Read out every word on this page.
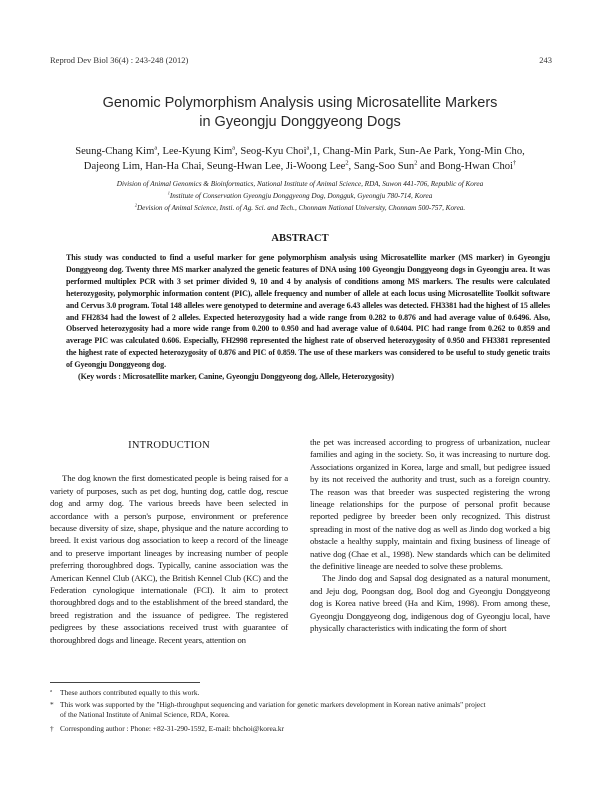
Reprod Dev Biol 36(4) : 243-248 (2012)	243
Genomic Polymorphism Analysis using Microsatellite Markers
in Gyeongju Donggyeong Dogs
Seung-Chang Kim$^a$, Lee-Kyung Kim$^a$, Seog-Kyu Choi$^a$,1, Chang-Min Park, Sun-Ae Park, Yong-Min Cho,
Dajeong Lim, Han-Ha Chai, Seung-Hwan Lee, Ji-Woong Lee$^2$, Sang-Soo Sun$^2$ and Bong-Hwan Choi†
Division of Animal Genomics & Bioinformatics, National Institute of Animal Science, RDA, Suwon 441-706, Republic of Korea
$^1$Institute of Conservation Gyeongju Donggyeong Dog, Dongguk, Gyeongju 780-714, Korea
$^2$Devision of Animal Science, Insti. of Ag. Sci. and Tech., Chonnam National University, Chonnam 500-757, Korea.
ABSTRACT
This study was conducted to find a useful marker for gene polymorphism analysis using Microsatellite marker (MS marker) in Gyeongju Donggyeong dog. Twenty three MS marker analyzed the genetic features of DNA using 100 Gyeongju Donggyeong dogs in Gyeongju area. It was performed multiplex PCR with 3 set primer divided 9, 10 and 4 by analysis of conditions among MS markers. The results were calculated heterozygosity, polymorphic information content (PIC), allele frequency and number of allele at each locus using Microsatellite Toolkit software and Cervus 3.0 program. Total 148 alleles were genotyped to determine and average 6.43 alleles was detected. FH3381 had the highest of 15 alleles and FH2834 had the lowest of 2 alleles. Expected heterozygosity had a wide range from 0.282 to 0.876 and had average value of 0.6496. Also, Observed heterozygosity had a more wide range from 0.200 to 0.950 and had average value of 0.6404. PIC had range from 0.262 to 0.859 and average PIC was calculated 0.606. Especially, FH2998 represented the highest rate of observed heterozygosity of 0.950 and FH3381 represented the highest rate of expected heterozygosity of 0.876 and PIC of 0.859. The use of these markers was considered to be useful to study genetic traits of Gyeongju Donggyeong dog.
(Key words : Microsatellite marker, Canine, Gyeongju Donggyeong dog, Allele, Heterozygosity)
INTRODUCTION

The dog known the first domesticated people is being raised for a variety of purposes, such as pet dog, hunting dog, cattle dog, rescue dog and army dog. The various breeds have been selected in accordance with a person's purpose, environment or preference because diversity of size, shape, physique and the nature according to breed. It exist various dog association to keep a record of the lineage and to preserve important lineages by increasing number of people preferring thoroughbred dogs. Typically, canine association was the American Kennel Club (AKC), the British Kennel Club (KC) and the Federation cynologique internationale (FCI). It aim to protect thoroughbred dogs and to the establishment of the breed standard, the breed registration and the issuance of pedigree. The registered pedigrees by these associations received trust with guarantee of thoroughbred dogs and lineage. Recent years, attention on

the pet was increased according to progress of urbanization, nuclear families and aging in the society. So, it was increasing to nurture dog. Associations organized in Korea, large and small, but pedigree issued by its not received the authority and trust, such as a foreign country. The reason was that breeder was suspected registering the wrong lineage relationships for the purpose of personal profit because reported pedigree by breeder been only recognized. This distrust spreading in most of the native dog as well as Jindo dog worked a big obstacle a healthy supply, maintain and fixing business of lineage of native dog (Chae et al., 1998). New standards which can be delimited the definitive lineage are needed to solve these problems.

The Jindo dog and Sapsal dog designated as a natural monument, and Jeju dog, Poongsan dog, Bool dog and Gyeongju Donggyeong dog is Korea native breed (Ha and Kim, 1998). From among these, Gyeongju Donggyeong dog, indigenous dog of Gyeongju local, have physically characteristics with indicating the form of short

$^a$ These authors contributed equally to this work.
* This work was supported by the "High-throughput sequencing and variation for genetic markers development in Korean native animals" project
of the National Institute of Animal Science, RDA, Korea.
† Corresponding author : Phone: +82-31-290-1592, E-mail: bhchoi@korea.kr
